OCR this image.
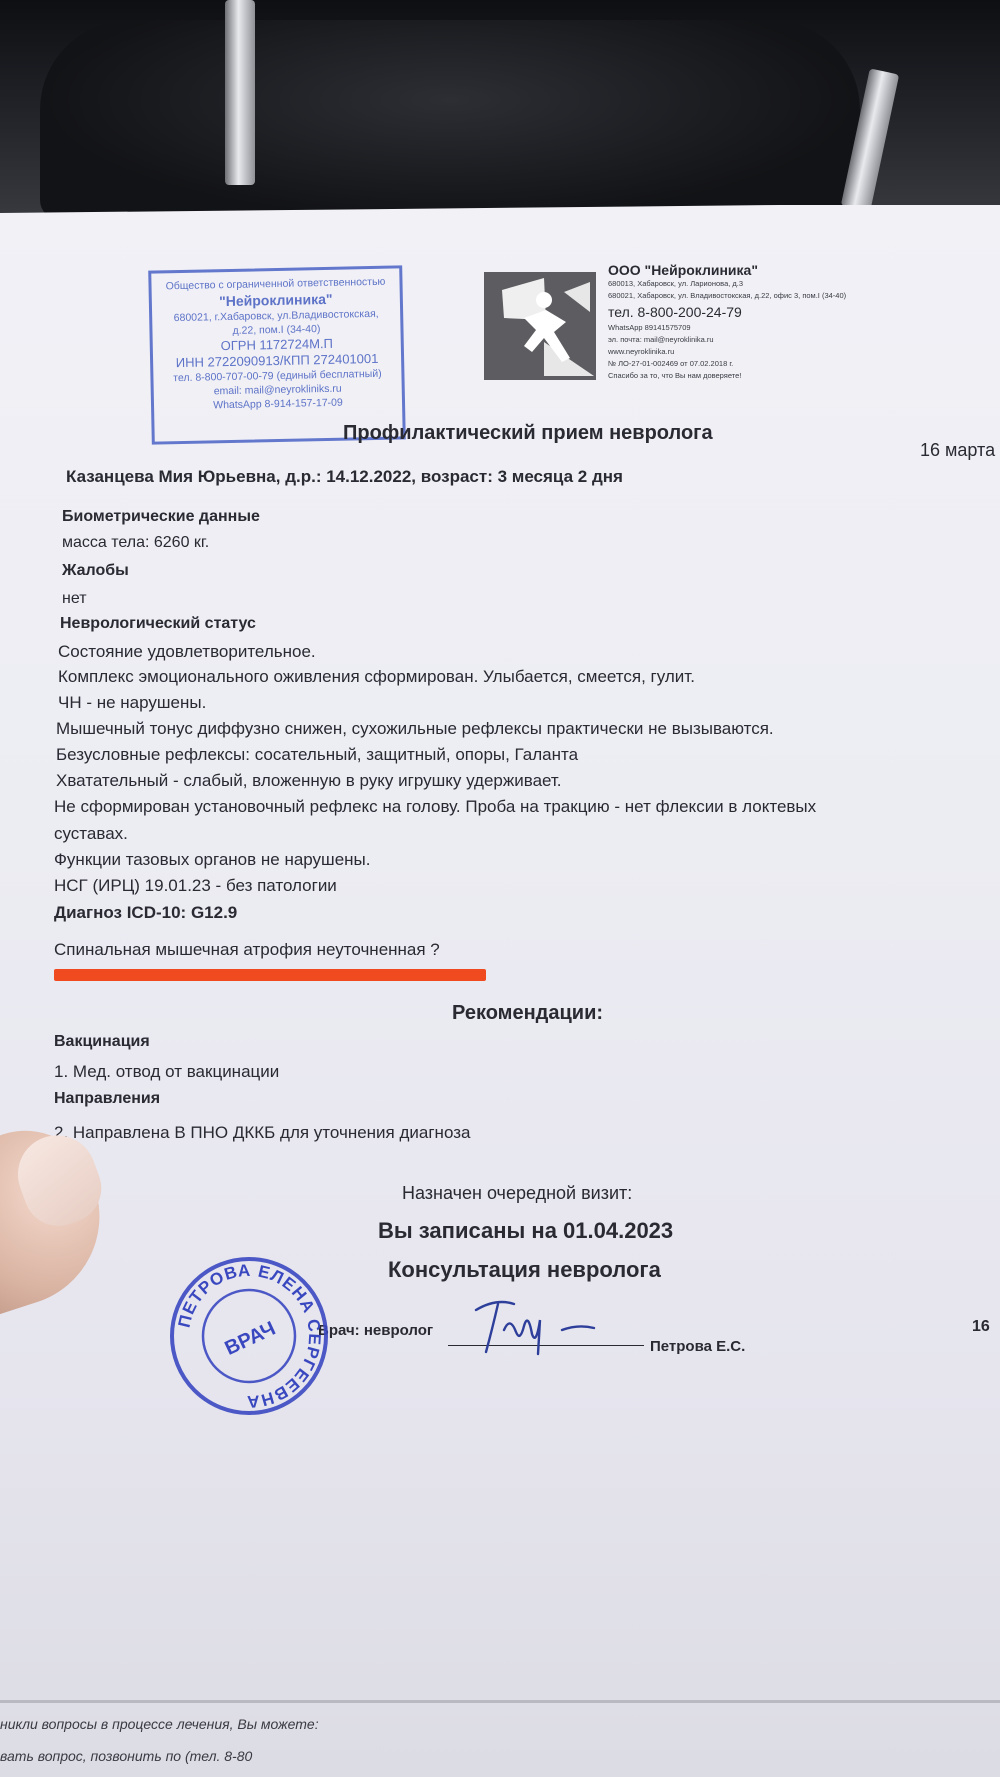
Общество с ограниченной ответственностью
"Нейроклиника"
680021, г.Хабаровск, ул.Владивостокская,
д.22, пом.I (34-40)
ОГРН 1172724M.П
ИНН 2722090913/КПП 272401001
тел. 8-800-707-00-79 (единый бесплатный)
email: mail@neyrokliniks.ru
WhatsApp 8-914-157-17-09
ООО "Нейроклиника"
680013, Хабаровск, ул. Ларионова, д.3
680021, Хабаровск, ул. Владивостокская, д.22, офис 3, пом.I (34-40)
тел. 8-800-200-24-79
WhatsApp 89141575709
эл. почта: mail@neyroklinika.ru
www.neyroklinika.ru
№ ЛО-27-01-002469 от 07.02.2018 г.
Спасибо за то, что Вы нам доверяете!
Профилактический прием невролога
16 марта
Казанцева Мия Юрьевна, д.р.: 14.12.2022, возраст: 3 месяца 2 дня
Биометрические данные
масса тела: 6260 кг.
Жалобы
нет
Неврологический статус
Состояние удовлетворительное.
Комплекс эмоционального оживления сформирован. Улыбается, смеется, гулит.
ЧН - не нарушены.
Мышечный тонус диффузно снижен, сухожильные рефлексы практически не вызываются.
Безусловные рефлексы: сосательный, защитный, опоры, Галанта
Хватательный - слабый, вложенную в руку игрушку удерживает.
Не сформирован установочный рефлекс на голову. Проба на тракцию - нет флексии в локтевых
суставах.
Функции тазовых органов не нарушены.
НСГ (ИРЦ) 19.01.23 - без патологии
Диагноз ICD-10: G12.9
Спинальная мышечная атрофия неуточненная ?
Рекомендации:
Вакцинация
1. Мед. отвод от вакцинации
Направления
2. Направлена В ПНО ДККБ для уточнения диагноза
Назначен очередной визит:
Вы записаны на 01.04.2023
Консультация невролога
Врач: невролог
Петрова Е.С.
16
ПЕТРОВА ЕЛЕНА СЕРГЕЕВНА
ВРАЧ
никли вопросы в процессе лечения, Вы можете:
вать вопрос, позвонить по (тел. 8-80
